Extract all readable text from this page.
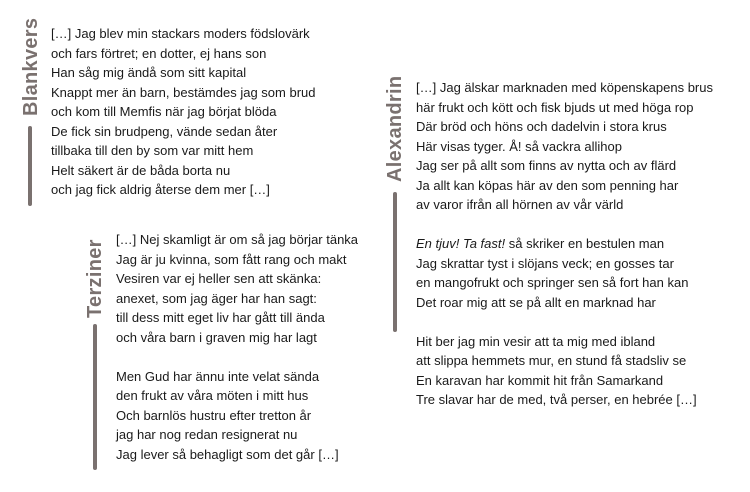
Blankvers […] Jag blev min stackars moders födslovärk
och fars förtret; en dotter, ej hans son
Han såg mig ändå som sitt kapital
Knappt mer än barn, bestämdes jag som brud
och kom till Memfis när jag börjat blöda
De fick sin brudpeng, vände sedan åter
tillbaka till den by som var mitt hem
Helt säkert är de båda borta nu
och jag fick aldrig återse dem mer […]
Terziner […] Nej skamligt är om så jag börjar tänka
Jag är ju kvinna, som fått rang och makt
Vesiren var ej heller sen att skänka:
anexet, som jag äger har han sagt:
till dess mitt eget liv har gått till ända
och våra barn i graven mig har lagt
Men Gud har ännu inte velat sända
den frukt av våra möten i mitt hus
Och barnlös hustru efter tretton år
jag har nog redan resignerat nu
Jag lever så behagligt som det går […]
Alexandrin […] Jag älskar marknaden med köpenskapens brus
här frukt och kött och fisk bjuds ut med höga rop
Där bröd och höns och dadelvin i stora krus
Här visas tyger. Å! så vackra allihop
Jag ser på allt som finns av nytta och av flärd
Ja allt kan köpas här av den som penning har
av varor ifrån all hörnen av vår värld
En tjuv! Ta fast! så skriker en bestulen man
Jag skrattar tyst i slöjans veck; en gosses tar
en mangofrukt och springer sen så fort han kan
Det roar mig att se på allt en marknad har
Hit ber jag min vesir att ta mig med ibland
att slippa hemmets mur, en stund få stadsliv se
En karavan har kommit hit från Samarkand
Tre slavar har de med, två perser, en hebrée […]
